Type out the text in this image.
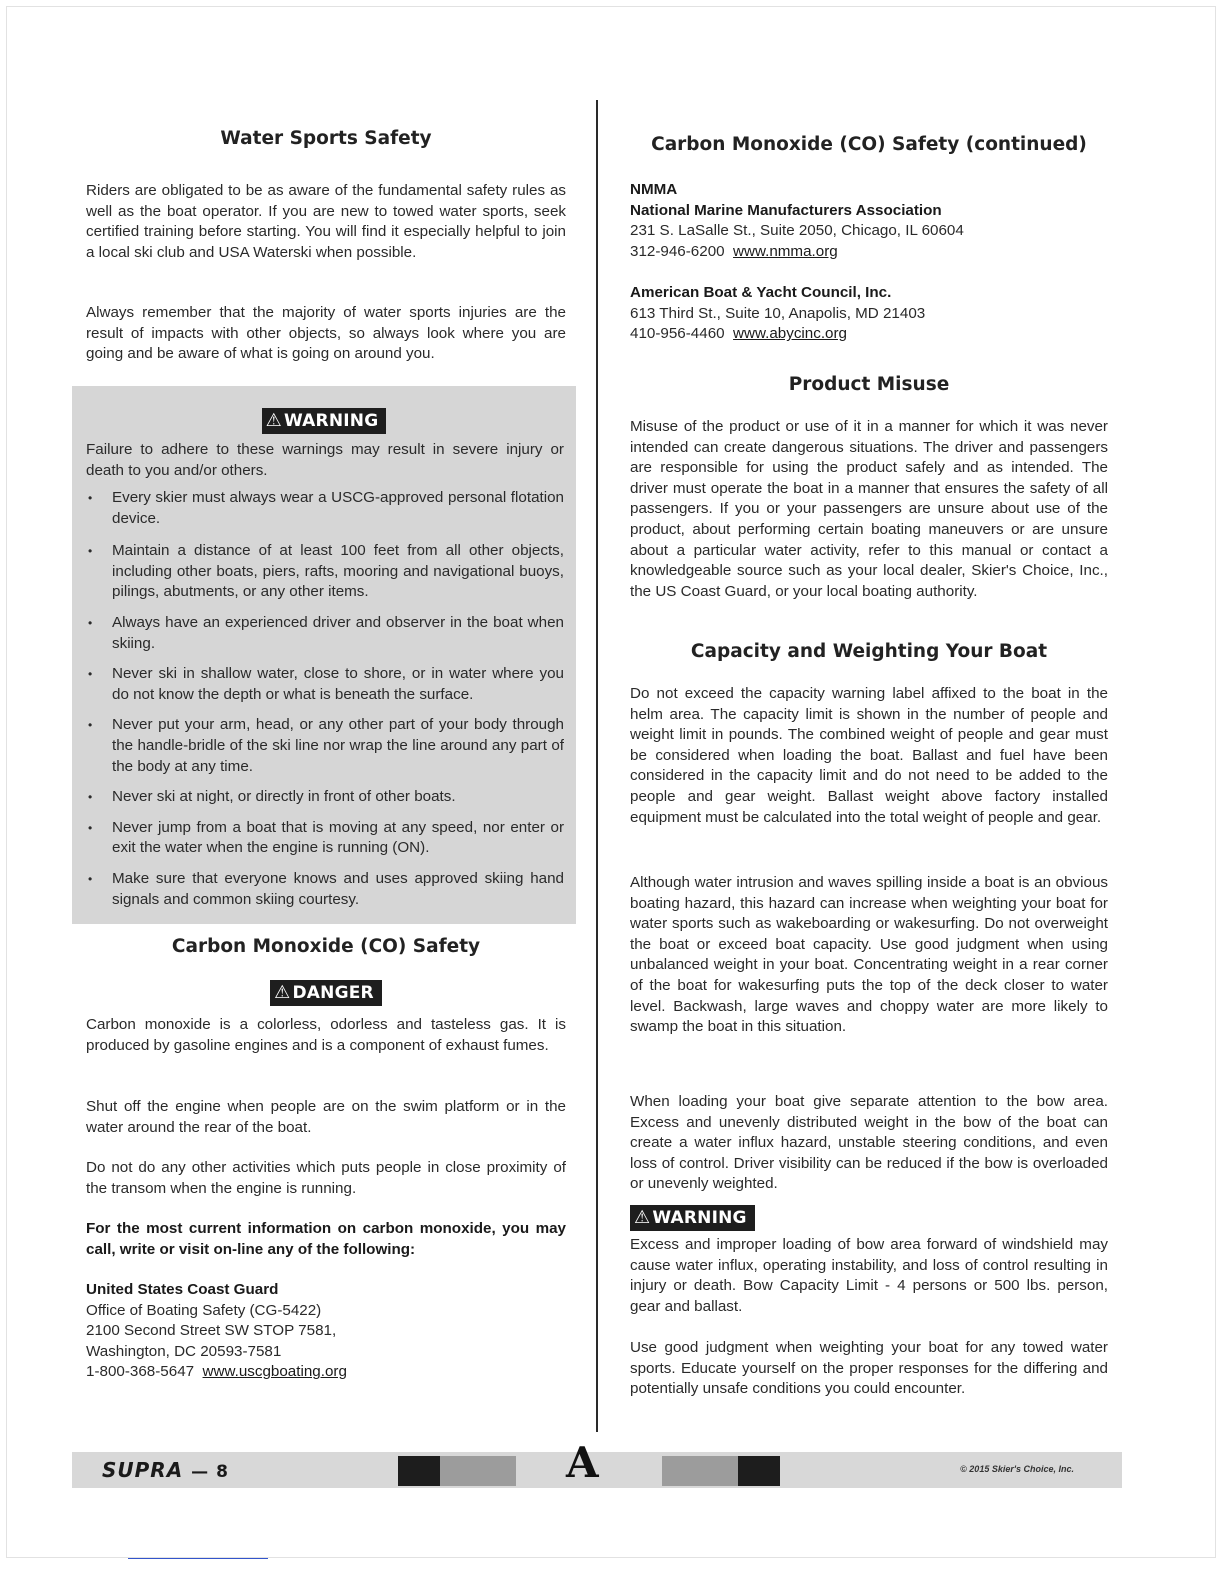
Water Sports Safety

Riders are obligated to be as aware of the fundamental safety rules as well as the boat operator. If you are new to towed water sports, seek certified training before starting. You will find it especially helpful to join a local ski club and USA Waterski when possible.

Always remember that the majority of water sports injuries are the result of impacts with other objects, so always look where you are going and be aware of what is going on around you.

⚠ WARNING

Failure to adhere to these warnings may result in severe injury or death to you and/or others.

• Every skier must always wear a USCG-approved personal flotation device.
• Maintain a distance of at least 100 feet from all other objects, including other boats, piers, rafts, mooring and navigational buoys, pilings, abutments, or any other items.
• Always have an experienced driver and observer in the boat when skiing.
• Never ski in shallow water, close to shore, or in water where you do not know the depth or what is beneath the surface.
• Never put your arm, head, or any other part of your body through the handle-bridle of the ski line nor wrap the line around any part of the body at any time.
• Never ski at night, or directly in front of other boats.
• Never jump from a boat that is moving at any speed, nor enter or exit the water when the engine is running (ON).
• Make sure that everyone knows and uses approved skiing hand signals and common skiing courtesy.
Carbon Monoxide (CO) Safety
⚠ DANGER

Carbon monoxide is a colorless, odorless and tasteless gas. It is produced by gasoline engines and is a component of exhaust fumes.

Shut off the engine when people are on the swim platform or in the water around the rear of the boat.

Do not do any other activities which puts people in close proximity of the transom when the engine is running.

For the most current information on carbon monoxide, you may call, write or visit on-line any of the following:

United States Coast Guard
Office of Boating Safety (CG-5422)
2100 Second Street SW STOP 7581,
Washington, DC 20593-7581
1-800-368-5647 www.uscgboating.org
Carbon Monoxide (CO) Safety (continued)
NMMA
National Marine Manufacturers Association
231 S. LaSalle St., Suite 2050, Chicago, IL 60604
312-946-6200 www.nmma.org
American Boat & Yacht Council, Inc.
613 Third St., Suite 10, Anapolis, MD 21403
410-956-4460 www.abycinc.org
Product Misuse

Misuse of the product or use of it in a manner for which it was never intended can create dangerous situations. The driver and passengers are responsible for using the product safely and as intended. The driver must operate the boat in a manner that ensures the safety of all passengers. If you or your passengers are unsure about use of the product, about performing certain boating maneuvers or are unsure about a particular water activity, refer to this manual or contact a knowledgeable source such as your local dealer, Skier's Choice, Inc., the US Coast Guard, or your local boating authority.

Capacity and Weighting Your Boat

Do not exceed the capacity warning label affixed to the boat in the helm area. The capacity limit is shown in the number of people and weight limit in pounds. The combined weight of people and gear must be considered when loading the boat. Ballast and fuel have been considered in the capacity limit and do not need to be added to the people and gear weight. Ballast weight above factory installed equipment must be calculated into the total weight of people and gear.

Although water intrusion and waves spilling inside a boat is an obvious boating hazard, this hazard can increase when weighting your boat for water sports such as wakeboarding or wakesurfing. Do not overweight the boat or exceed boat capacity. Use good judgment when using unbalanced weight in your boat. Concentrating weight in a rear corner of the boat for wakesurfing puts the top of the deck closer to water level. Backwash, large waves and choppy water are more likely to swamp the boat in this situation.

When loading your boat give separate attention to the bow area. Excess and unevenly distributed weight in the bow of the boat can create a water influx hazard, unstable steering conditions, and even loss of control. Driver visibility can be reduced if the bow is overloaded or unevenly weighted.

⚠ WARNING

Excess and improper loading of bow area forward of windshield may cause water influx, operating instability, and loss of control resulting in injury or death. Bow Capacity Limit - 4 persons or 500 lbs. person, gear and ballast.

Use good judgment when weighting your boat for any towed water sports. Educate yourself on the proper responses for the differing and potentially unsafe conditions you could encounter.

SUPRA — 8	A	© 2015 Skier's Choice, Inc.
